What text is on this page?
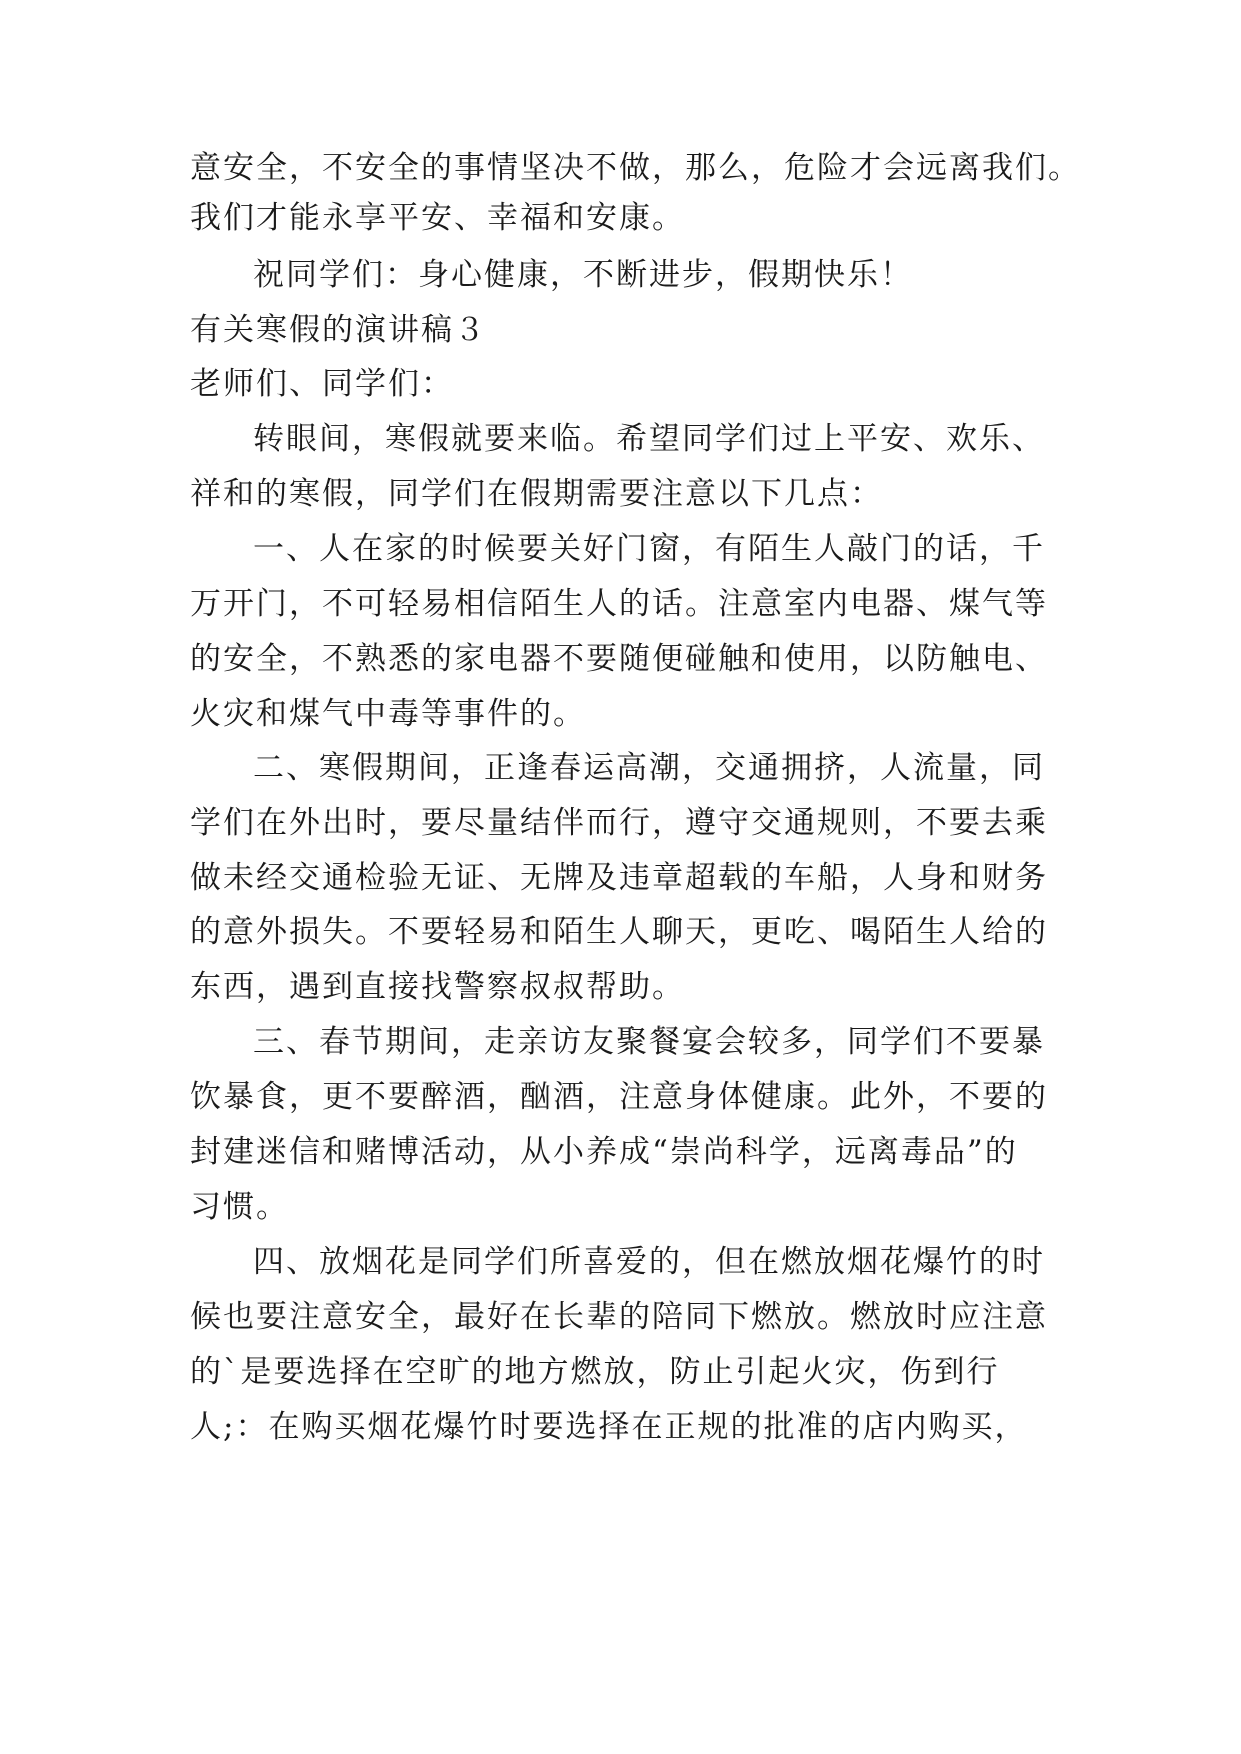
意安全，不安全的事情坚决不做，那么，危险才会远离我们。
我们才能永享平安、幸福和安康。
祝同学们：身心健康，不断进步，假期快乐！
有关寒假的演讲稿３
老师们、同学们：
转眼间，寒假就要来临。希望同学们过上平安、欢乐、
祥和的寒假，同学们在假期需要注意以下几点：
一、人在家的时候要关好门窗，有陌生人敲门的话，千
万开门，不可轻易相信陌生人的话。注意室内电器、煤气等
的安全，不熟悉的家电器不要随便碰触和使用，以防触电、
火灾和煤气中毒等事件的。
二、寒假期间，正逢春运高潮，交通拥挤，人流量，同
学们在外出时，要尽量结伴而行，遵守交通规则，不要去乘
做未经交通检验无证、无牌及违章超载的车船，人身和财务
的意外损失。不要轻易和陌生人聊天，更吃、喝陌生人给的
东西，遇到直接找警察叔叔帮助。
三、春节期间，走亲访友聚餐宴会较多，同学们不要暴
饮暴食，更不要醉酒，酗酒，注意身体健康。此外，不要的
封建迷信和赌博活动，从小养成“崇尚科学，远离毒品”的
习惯。
四、放烟花是同学们所喜爱的，但在燃放烟花爆竹的时
候也要注意安全，最好在长辈的陪同下燃放。燃放时应注意
的`是要选择在空旷的地方燃放，防止引起火灾，伤到行
人;：在购买烟花爆竹时要选择在正规的批准的店内购买，
